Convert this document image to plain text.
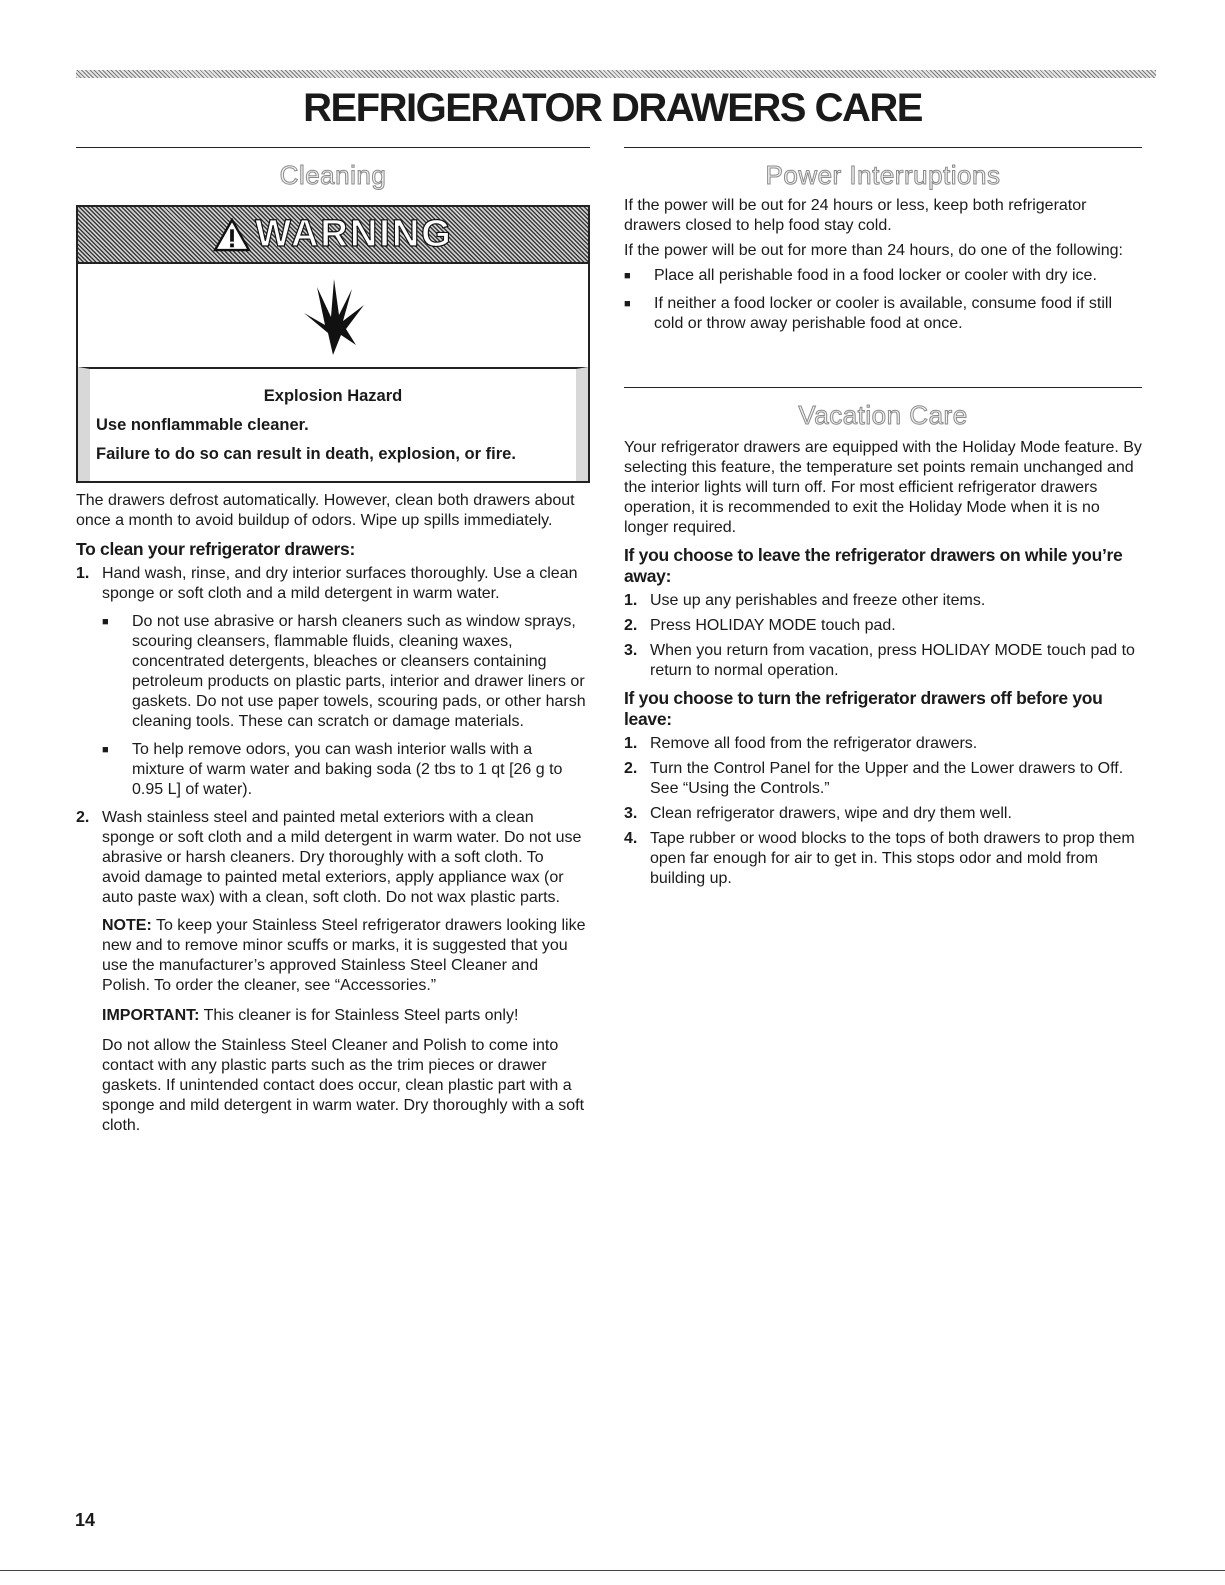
REFRIGERATOR DRAWERS CARE
Cleaning
WARNING

Explosion Hazard

Use nonflammable cleaner.

Failure to do so can result in death, explosion, or fire.

The drawers defrost automatically. However, clean both drawers about once a month to avoid buildup of odors. Wipe up spills immediately.

To clean your refrigerator drawers:

1. Hand wash, rinse, and dry interior surfaces thoroughly. Use a clean sponge or soft cloth and a mild detergent in warm water.
■	Do not use abrasive or harsh cleaners such as window sprays, scouring cleansers, flammable fluids, cleaning waxes, concentrated detergents, bleaches or cleansers containing petroleum products on plastic parts, interior and drawer liners or gaskets. Do not use paper towels, scouring pads, or other harsh cleaning tools. These can scratch or damage materials.
■	To help remove odors, you can wash interior walls with a mixture of warm water and baking soda (2 tbs to 1 qt [26 g to 0.95 L] of water).
2. Wash stainless steel and painted metal exteriors with a clean sponge or soft cloth and a mild detergent in warm water. Do not use abrasive or harsh cleaners. Dry thoroughly with a soft cloth. To avoid damage to painted metal exteriors, apply appliance wax (or auto paste wax) with a clean, soft cloth. Do not wax plastic parts.

NOTE: To keep your Stainless Steel refrigerator drawers looking like new and to remove minor scuffs or marks, it is suggested that you use the manufacturer’s approved Stainless Steel Cleaner and Polish. To order the cleaner, see “Accessories.”

IMPORTANT: This cleaner is for Stainless Steel parts only!

Do not allow the Stainless Steel Cleaner and Polish to come into contact with any plastic parts such as the trim pieces or drawer gaskets. If unintended contact does occur, clean plastic part with a sponge and mild detergent in warm water. Dry thoroughly with a soft cloth.

Power Interruptions

If the power will be out for 24 hours or less, keep both refrigerator drawers closed to help food stay cold.

If the power will be out for more than 24 hours, do one of the following:

■	Place all perishable food in a food locker or cooler with dry ice.
■	If neither a food locker or cooler is available, consume food if still cold or throw away perishable food at once.
Vacation Care

Your refrigerator drawers are equipped with the Holiday Mode feature. By selecting this feature, the temperature set points remain unchanged and the interior lights will turn off. For most efficient refrigerator drawers operation, it is recommended to exit the Holiday Mode when it is no longer required.

If you choose to leave the refrigerator drawers on while you’re away:

1. Use up any perishables and freeze other items.
2. Press HOLIDAY MODE touch pad.
3. When you return from vacation, press HOLIDAY MODE touch pad to return to normal operation.

If you choose to turn the refrigerator drawers off before you leave:

1. Remove all food from the refrigerator drawers.
2. Turn the Control Panel for the Upper and the Lower drawers to Off. See “Using the Controls.”
3. Clean refrigerator drawers, wipe and dry them well.
4. Tape rubber or wood blocks to the tops of both drawers to prop them open far enough for air to get in. This stops odor and mold from building up.

14
